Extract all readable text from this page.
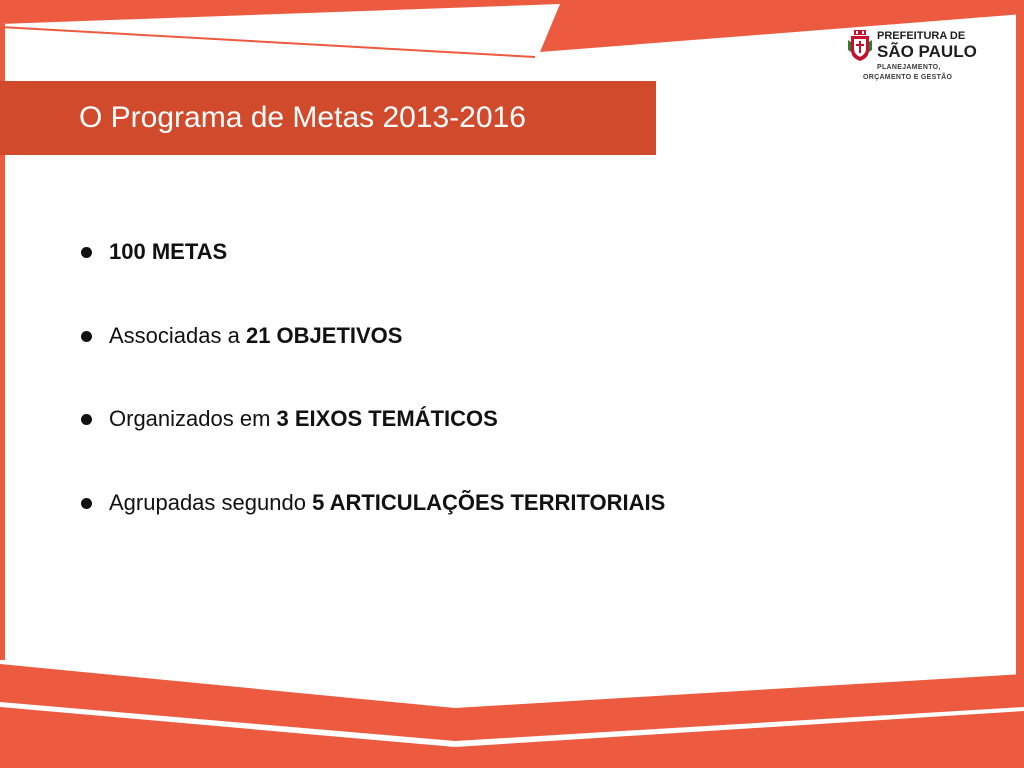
O Programa de Metas 2013-2016
PREFEITURA DE
SÃO PAULO
PLANEJAMENTO,
ORÇAMENTO E GESTÃO
100 METAS
Associadas a 21 OBJETIVOS
Organizados em 3 EIXOS TEMÁTICOS
Agrupadas segundo 5 ARTICULAÇÕES TERRITORIAIS
